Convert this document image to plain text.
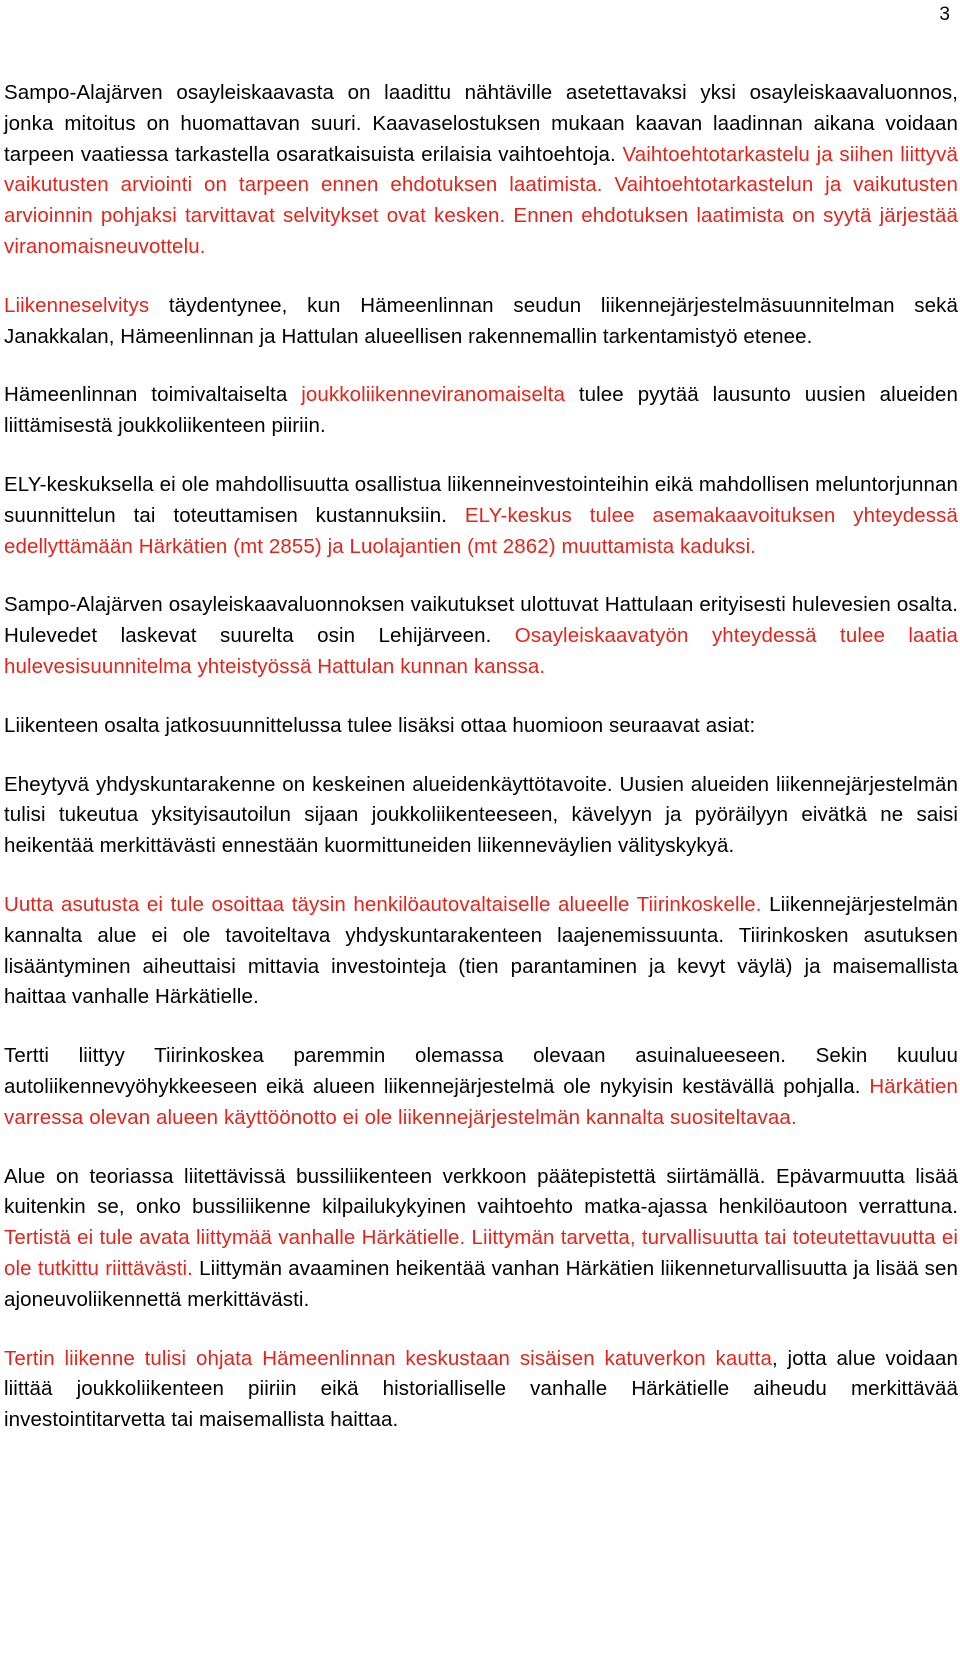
3

Sampo-Alajärven osayleiskaavasta on laadittu nähtäville asetettavaksi yksi osayleiskaavaluonnos, jonka mitoitus on huomattavan suuri. Kaavaselostuksen mukaan kaavan laadinnan aikana voidaan tarpeen vaatiessa tarkastella osaratkaisuista erilaisia vaihtoehtoja. Vaihtoehtotarkastelu ja siihen liittyvä vaikutusten arviointi on tarpeen ennen ehdotuksen laatimista. Vaihtoehtotarkastelun ja vaikutusten arvioinnin pohjaksi tarvittavat selvitykset ovat kesken. Ennen ehdotuksen laatimista on syytä järjestää viranomaisneuvottelu.

Liikenneselvitys täydentynee, kun Hämeenlinnan seudun liikennejärjestelmäsuunnitelman sekä Janakkalan, Hämeenlinnan ja Hattulan alueellisen rakennemallin tarkentamistyö etenee.

Hämeenlinnan toimivaltaiselta joukkoliikenneviranomaiselta tulee pyytää lausunto uusien alueiden liittämisestä joukkoliikenteen piiriin.

ELY-keskuksella ei ole mahdollisuutta osallistua liikenneinvestointeihin eikä mahdollisen meluntorjunnan suunnittelun tai toteuttamisen kustannuksiin. ELY-keskus tulee asemakaavoituksen yhteydessä edellyttämään Härkätien (mt 2855) ja Luolajantien (mt 2862) muuttamista kaduksi.

Sampo-Alajärven osayleiskaavaluonnoksen vaikutukset ulottuvat Hattulaan erityisesti hulevesien osalta. Hulevedet laskevat suurelta osin Lehijärveen. Osayleiskaavatyön yhteydessä tulee laatia hulevesisuunnitelma yhteistyössä Hattulan kunnan kanssa.

Liikenteen osalta jatkosuunnittelussa tulee lisäksi ottaa huomioon seuraavat asiat:

Eheytyvä yhdyskuntarakenne on keskeinen alueidenkäyttötavoite. Uusien alueiden liikennejärjestelmän tulisi tukeutua yksityisautoilun sijaan joukkoliikenteeseen, kävelyyn ja pyöräilyyn eivätkä ne saisi heikentää merkittävästi ennestään kuormittuneiden liikenneväylien välityskykyä.

Uutta asutusta ei tule osoittaa täysin henkilöautovaltaiselle alueelle Tiirinkoskelle. Liikennejärjestelmän kannalta alue ei ole tavoiteltava yhdyskuntarakenteen laajenemissuunta. Tiirinkosken asutuksen lisääntyminen aiheuttaisi mittavia investointeja (tien parantaminen ja kevyt väylä) ja maisemallista haittaa vanhalle Härkätielle.

Tertti liittyy Tiirinkoskea paremmin olemassa olevaan asuinalueeseen. Sekin kuuluu autoliikennevyöhykkeeseen eikä alueen liikennejärjestelmä ole nykyisin kestävällä pohjalla. Härkätien varressa olevan alueen käyttöönotto ei ole liikennejärjestelmän kannalta suositeltavaa.

Alue on teoriassa liitettävissä bussiliikenteen verkkoon päätepistettä siirtämällä. Epävarmuutta lisää kuitenkin se, onko bussiliikenne kilpailukykyinen vaihtoehto matka-ajassa henkilöautoon verrattuna. Tertistä ei tule avata liittymää vanhalle Härkätielle. Liittymän tarvetta, turvallisuutta tai toteutettavuutta ei ole tutkittu riittävästi. Liittymän avaaminen heikentää vanhan Härkätien liikenneturvallisuutta ja lisää sen ajoneuvoliikennettä merkittävästi.

Tertin liikenne tulisi ohjata Hämeenlinnan keskustaan sisäisen katuverkon kautta, jotta alue voidaan liittää joukkoliikenteen piiriin eikä historialliselle vanhalle Härkätielle aiheudu merkittävää investointitarvetta tai maisemallista haittaa.
